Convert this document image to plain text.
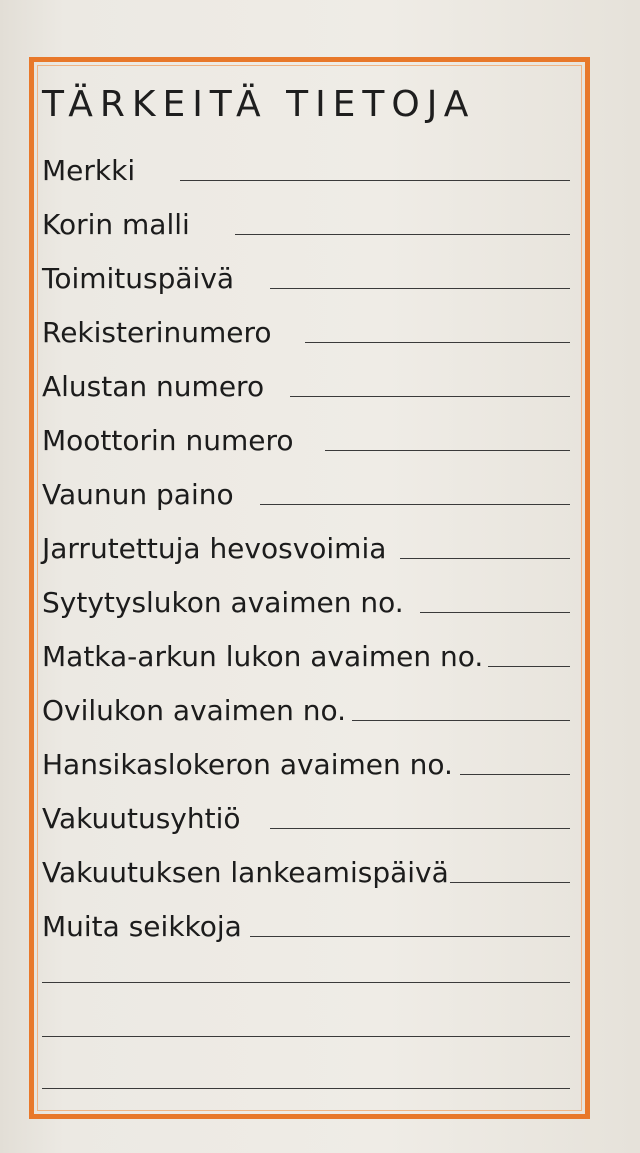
TÄRKEITÄ TIETOJA
Merkki
Korin malli
Toimituspäivä
Rekisterinumero
Alustan numero
Moottorin numero
Vaunun paino
Jarrutettuja hevosvoimia
Sytytyslukon avaimen no.
Matka-arkun lukon avaimen no.
Ovilukon avaimen no.
Hansikaslokeron avaimen no.
Vakuutusyhtiö
Vakuutuksen lankeamispäivä
Muita seikkoja
